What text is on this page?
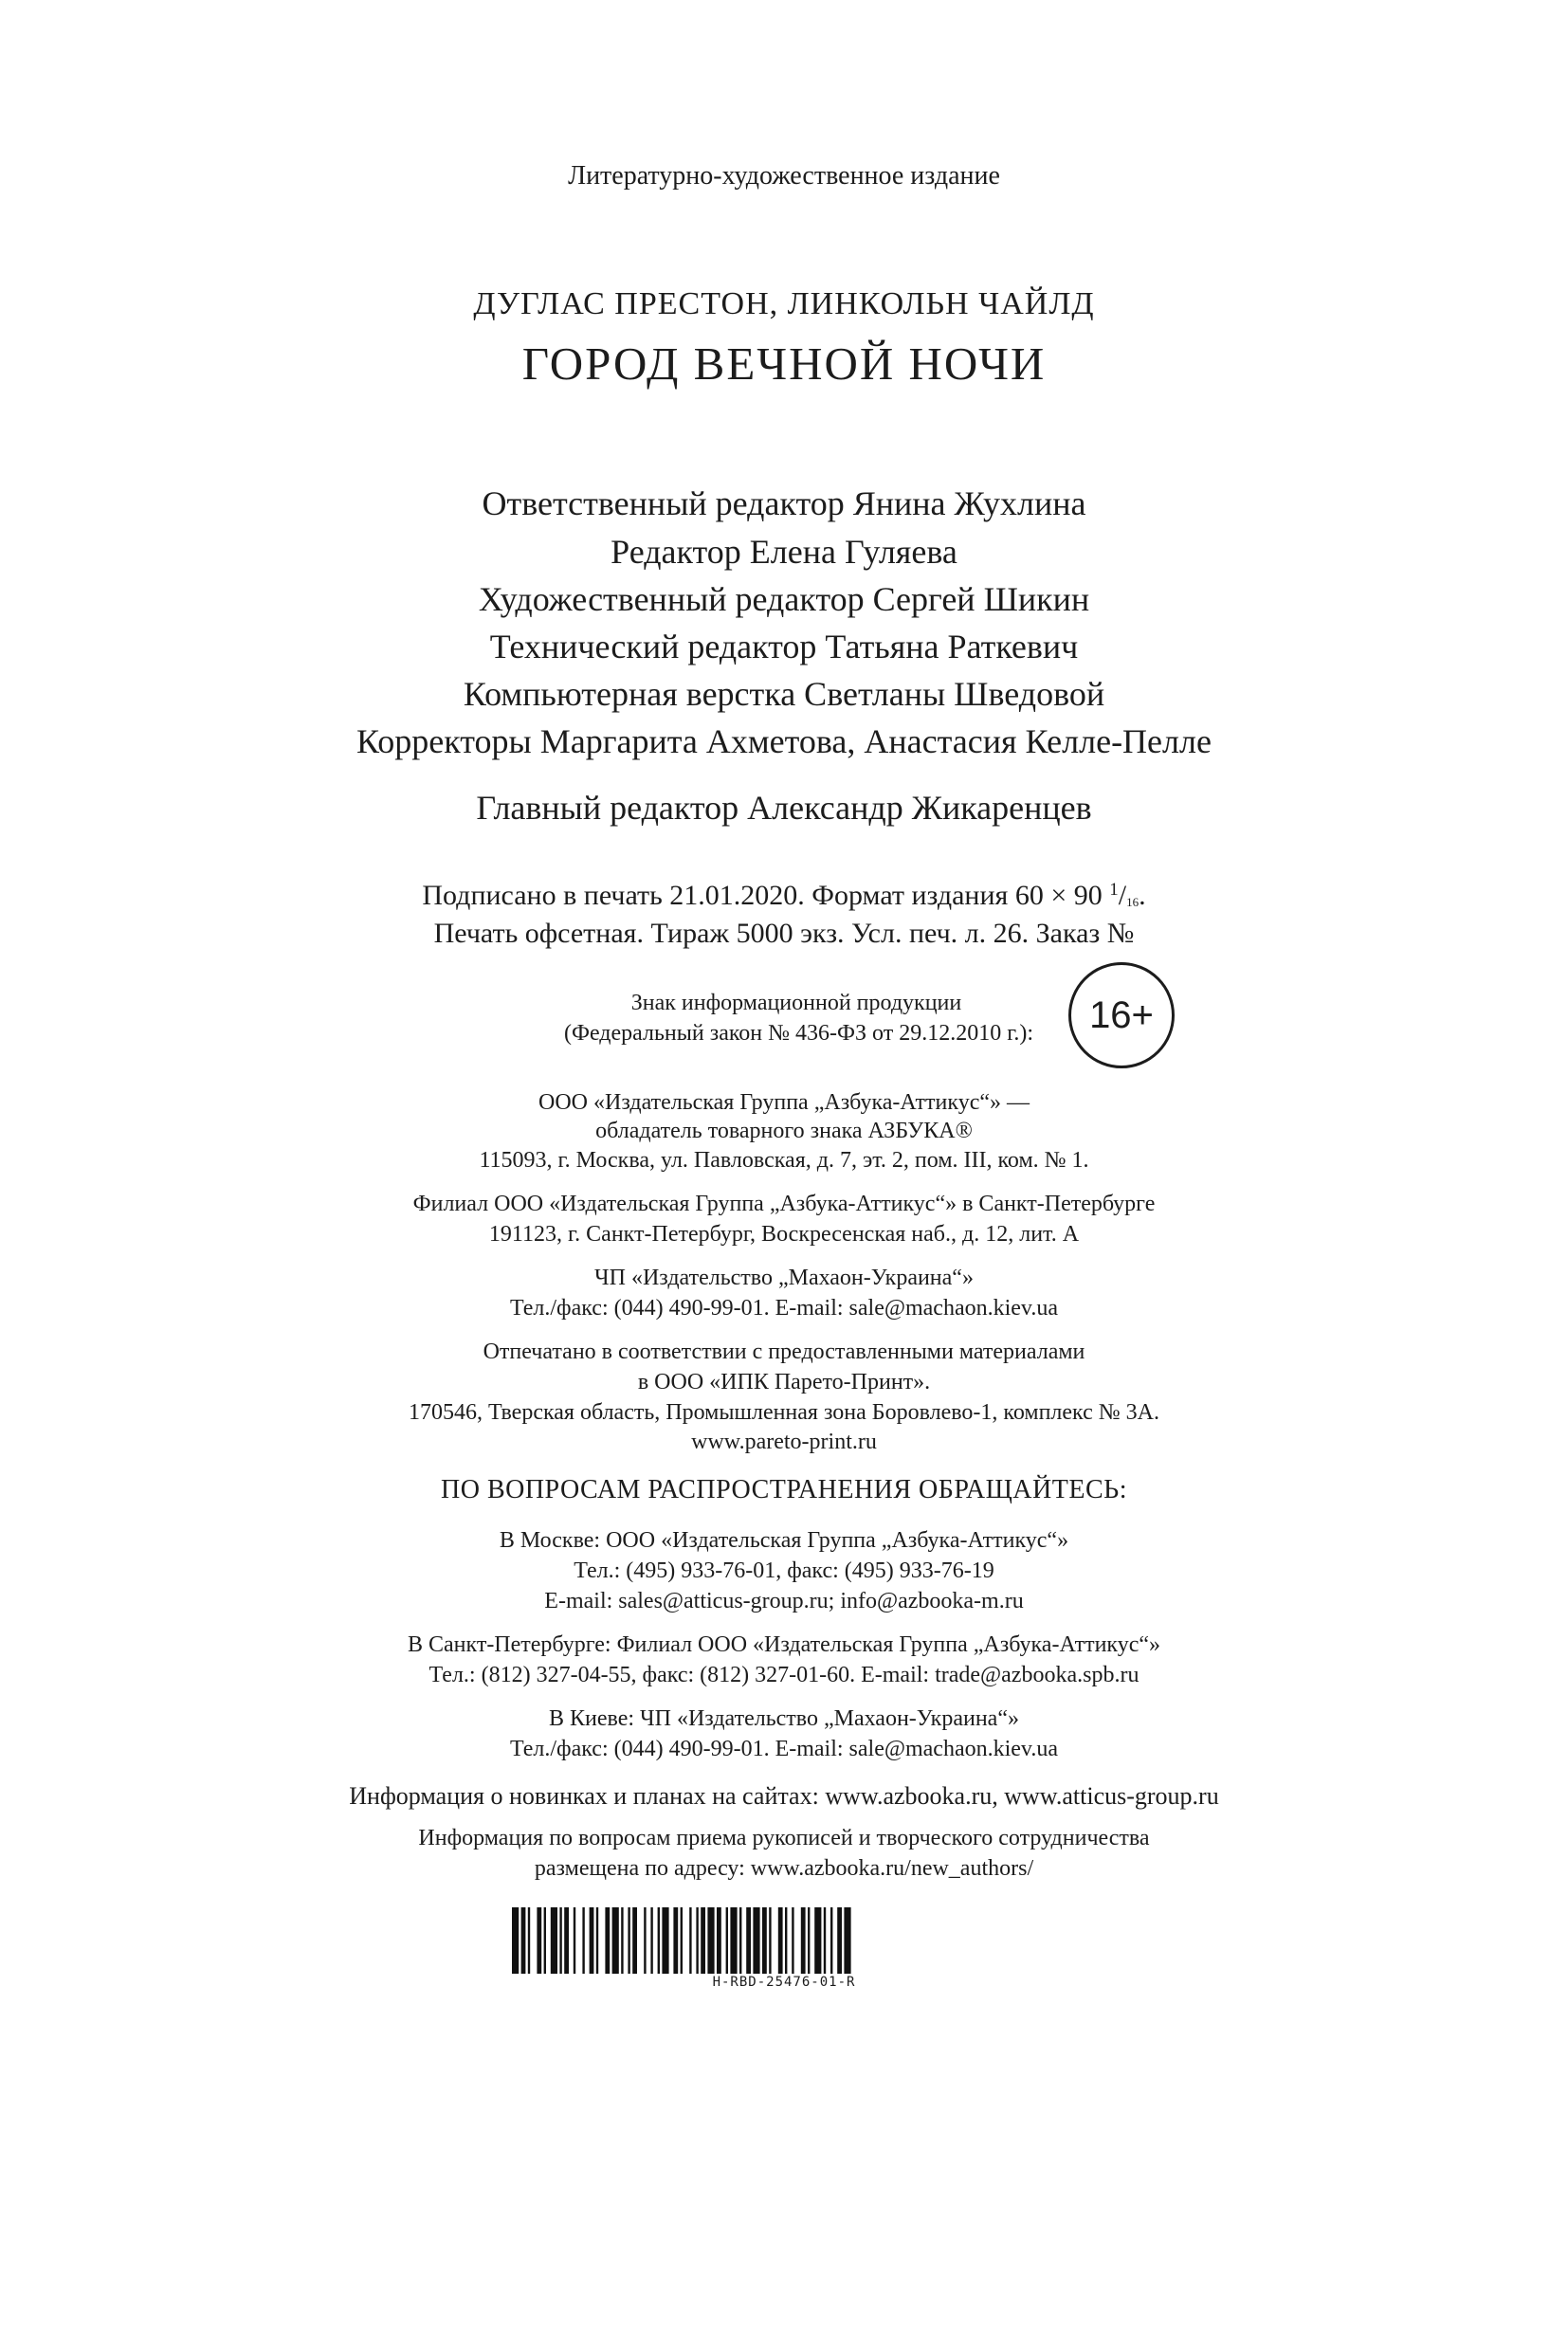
Литературно-художественное издание

ДУГЛАС ПРЕСТОН, ЛИНКОЛЬН ЧАЙЛД

ГОРОД ВЕЧНОЙ НОЧИ

Ответственный редактор Янина Жухлина

Редактор Елена Гуляева

Художественный редактор Сергей Шикин

Технический редактор Татьяна Раткевич

Компьютерная верстка Светланы Шведовой

Корректоры Маргарита Ахметова, Анастасия Келле-Пелле

Главный редактор Александр Жикаренцев

Подписано в печать 21.01.2020. Формат издания 60 × 90 $^1/_{16}$.

Печать офсетная. Тираж 5000 экз. Усл. печ. л. 26. Заказ №

Знак информационной продукции
(Федеральный закон № 436-ФЗ от 29.12.2010 г.):	16+

ООО «Издательская Группа „Азбука-Аттикус“» —

обладатель товарного знака АЗБУКА®

115093, г. Москва, ул. Павловская, д. 7, эт. 2, пом. III, ком. № 1.

Филиал ООО «Издательская Группа „Азбука-Аттикус“» в Санкт-Петербурге

191123, г. Санкт-Петербург, Воскресенская наб., д. 12, лит. А

ЧП «Издательство „Махаон-Украина“»

Тел./факс: (044) 490-99-01. E-mail: sale@machaon.kiev.ua

Отпечатано в соответствии с предоставленными материалами

в ООО «ИПК Парето-Принт».

170546, Тверская область, Промышленная зона Боровлево-1, комплекс № 3А.

www.pareto-print.ru

ПО ВОПРОСАМ РАСПРОСТРАНЕНИЯ ОБРАЩАЙТЕСЬ:

В Москве: ООО «Издательская Группа „Азбука-Аттикус“»

Тел.: (495) 933-76-01, факс: (495) 933-76-19

E-mail: sales@atticus-group.ru; info@azbooka-m.ru

В Санкт-Петербурге: Филиал ООО «Издательская Группа „Азбука-Аттикус“»

Тел.: (812) 327-04-55, факс: (812) 327-01-60. E-mail: trade@azbooka.spb.ru

В Киеве: ЧП «Издательство „Махаон-Украина“»

Тел./факс: (044) 490-99-01. E-mail: sale@machaon.kiev.ua

Информация о новинках и планах на сайтах: www.azbooka.ru, www.atticus-group.ru

Информация по вопросам приема рукописей и творческого сотрудничества

размещена по адресу: www.azbooka.ru/new_authors/

H-RBD-25476-01-R
